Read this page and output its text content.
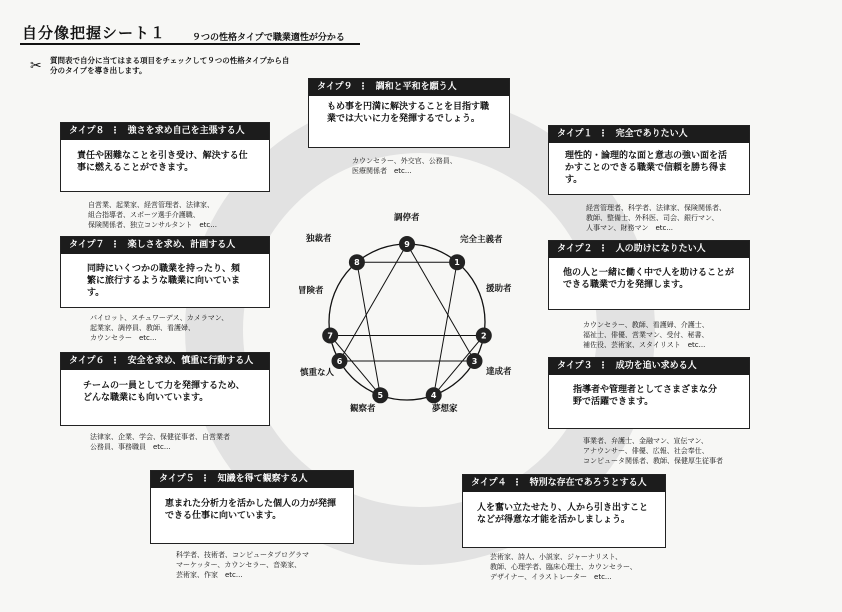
自分像把握シート１	９つの性格タイプで職業適性が分かる
✂ 質問表で自分に当てはまる項目をチェックして９つの性格タイプから自分のタイプを導き出します。
タイプ９ ⋮ 調和と平和を願う人
もめ事を円満に解決することを目指す職業では大いに力を発揮するでしょう。
カウンセラー、外交官、公務員、
医療関係者　etc...
タイプ８ ⋮ 強さを求め自己を主張する人
責任や困難なことを引き受け、解決する仕事に燃えることができます。
自営業、起業家、経営管理者、法律家、
組合指導者、スポーツ選手介護職、
保険関係者、独立コンサルタント　etc...
タイプ１ ⋮ 完全でありたい人
理性的・論理的な面と意志の強い面を活かすことのできる職業で信頼を勝ち得ます。
経営管理者、科学者、法律家、保険関係者、
教師、整備士、外科医、司会、銀行マン、
人事マン、財務マン　etc...
タイプ７ ⋮ 楽しさを求め、計画する人
同時にいくつかの職業を持ったり、頻繁に旅行するような職業に向いています。
パイロット、スチュワーデス、カメラマン、
起業家、調停員、教師、看護婦、
カウンセラー　etc...
タイプ２ ⋮ 人の助けになりたい人
他の人と一緒に働く中で人を助けることができる職業で力を発揮します。
カウンセラー、教師、看護婦、介護士、
福祉士、俳優、営業マン、受付、秘書、
補佐役、芸術家、スタイリスト　etc...
タイプ６ ⋮ 安全を求め、慎重に行動する人
チームの一員として力を発揮するため、どんな職業にも向いています。
法律家、企業、学会、保健従事者、自営業者
公務員、事務職員　etc...
タイプ３ ⋮ 成功を追い求める人
指導者や管理者としてさまざまな分野で活躍できます。
事業者、弁護士、金融マン、宣伝マン、
アナウンサー、俳優、広報、社会奉仕、
コンピュータ関係者、教師、保健厚生従事者
タイプ５ ⋮ 知識を得て観察する人
恵まれた分析力を活かした個人の力が発揮できる仕事に向いています。
科学者、技術者、コンピュータプログラマ
マーケッター、カウンセラー、音楽家、
芸術家、作家　etc...
タイプ４ ⋮ 特別な存在であろうとする人
人を奮い立たせたり、人から引き出すことなどが得意な才能を活かしましょう。
芸術家、詩人、小説家、ジャーナリスト、
教師、心理学者、臨床心理士、カウンセラー、
デザイナー、イラストレーター　etc...
1
2
3
4
5
6
7
8
9	完全主義者
援助者
達成者
夢想家
観察者
慎重な人
冒険者
独裁者
調停者
